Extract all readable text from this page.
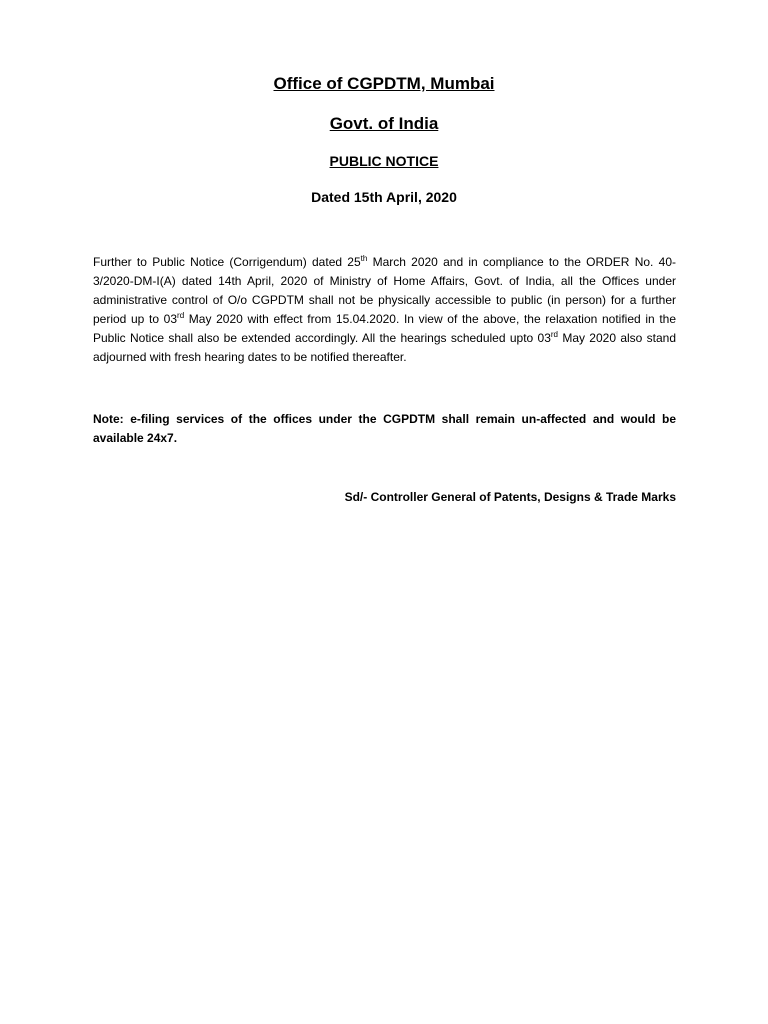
Office of CGPDTM, Mumbai
Govt. of India
PUBLIC NOTICE
Dated 15th April, 2020
Further to Public Notice (Corrigendum) dated 25th March 2020 and in compliance to the ORDER No. 40-3/2020-DM-I(A) dated 14th April, 2020 of Ministry of Home Affairs, Govt. of India, all the Offices under administrative control of O/o CGPDTM shall not be physically accessible to public (in person) for a further period up to 03rd May 2020 with effect from 15.04.2020. In view of the above, the relaxation notified in the Public Notice shall also be extended accordingly. All the hearings scheduled upto 03rd May 2020 also stand adjourned with fresh hearing dates to be notified thereafter.
Note: e-filing services of the offices under the CGPDTM shall remain un-affected and would be available 24x7.
Sd/- Controller General of Patents, Designs & Trade Marks
